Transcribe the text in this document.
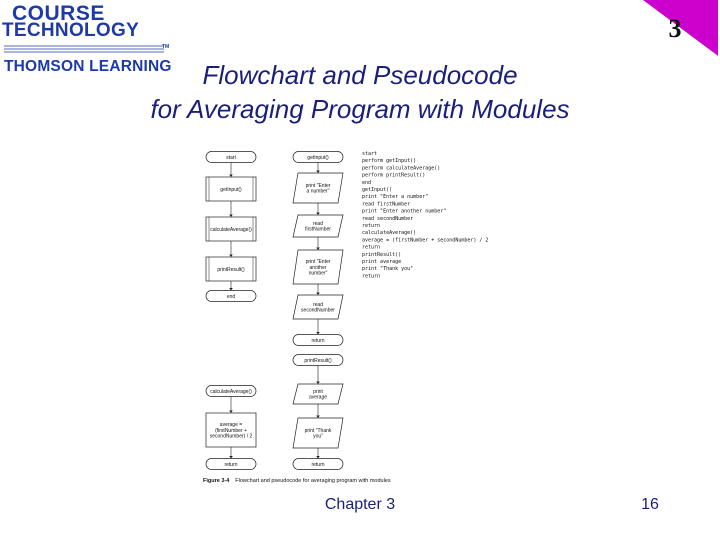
COURSE
TECHNOLOGY
TM
THOMSON LEARNING
3
Flowchart and Pseudocode
for Averaging Program with Modules
start
getInput()
calculateAverage()
printResult()
end
calculateAverage()
average =
(firstNumber +
secondNumber) / 2
return
getInput()
print "Enter
a number"
read
firstNumber
print "Enter
another
number"
read
secondNumber
return
printResult()
print
average
print "Thank
you"
return
start
perform getInput()
perform calculateAverage()
perform printResult()
end
getInput()
print "Enter a number"
read firstNumber
print "Enter another number"
read secondNumber
return
calculateAverage()
average = (firstNumber + secondNumber) / 2
return
printResult()
print average
print "Thank you"
return
Figure 3-4 Flowchart and pseudocode for averaging program with modules
Chapter 3	16
